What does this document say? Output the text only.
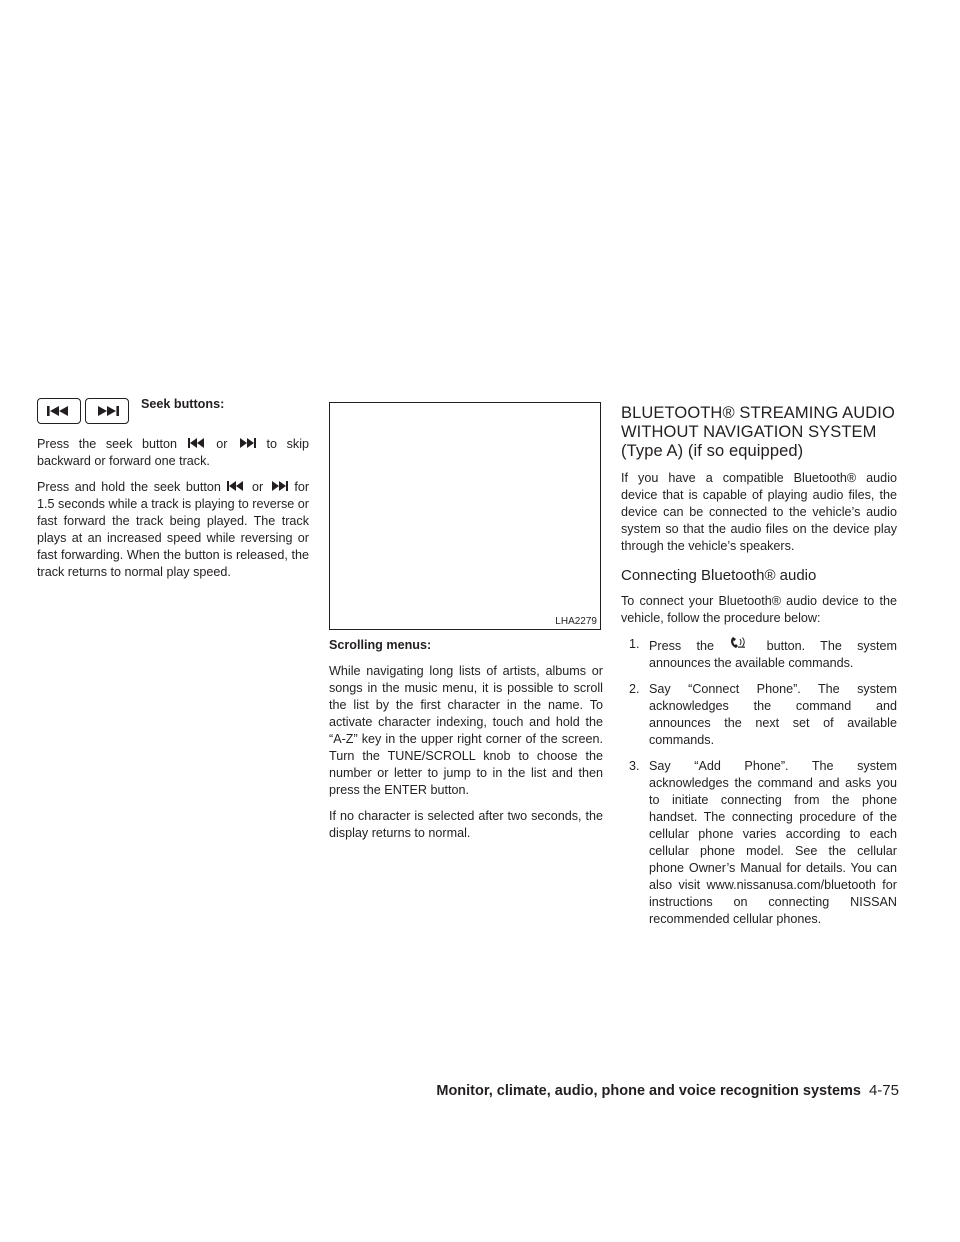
Seek buttons:

Press the seek button	or	to skip backward or forward one track.

Press and hold the seek button or for 1.5 seconds while a track is playing to reverse or fast forward the track being played. The track plays at an increased speed while reversing or fast forwarding. When the button is released, the track returns to normal play speed.

LHA2279
Scrolling menus:

While navigating long lists of artists, albums or songs in the music menu, it is possible to scroll the list by the first character in the name. To activate character indexing, touch and hold the “A-Z” key in the upper right corner of the screen. Turn the TUNE/SCROLL knob to choose the number or letter to jump to in the list and then press the ENTER button.

If no character is selected after two seconds, the display returns to normal.

BLUETOOTH® STREAMING AUDIO
WITHOUT NAVIGATION SYSTEM
(Type A) (if so equipped)

If you have a compatible Bluetooth® audio device that is capable of playing audio files, the device can be connected to the vehicle’s audio system so that the audio files on the device play through the vehicle’s speakers.

Connecting Bluetooth® audio

To connect your Bluetooth® audio device to the vehicle, follow the procedure below:

1. Press the	button. The system announces the available commands.
2. Say “Connect Phone”. The system acknowledges the command and announces the next set of available commands.
3. Say “Add Phone”. The system acknowledges the command and asks you to initiate connecting from the phone handset. The connecting procedure of the cellular phone varies according to each cellular phone model. See the cellular phone Owner’s Manual for details. You can also visit www.nissanusa.com/bluetooth for instructions on connecting NISSAN recommended cellular phones.
Monitor, climate, audio, phone and voice recognition systems 4-75
